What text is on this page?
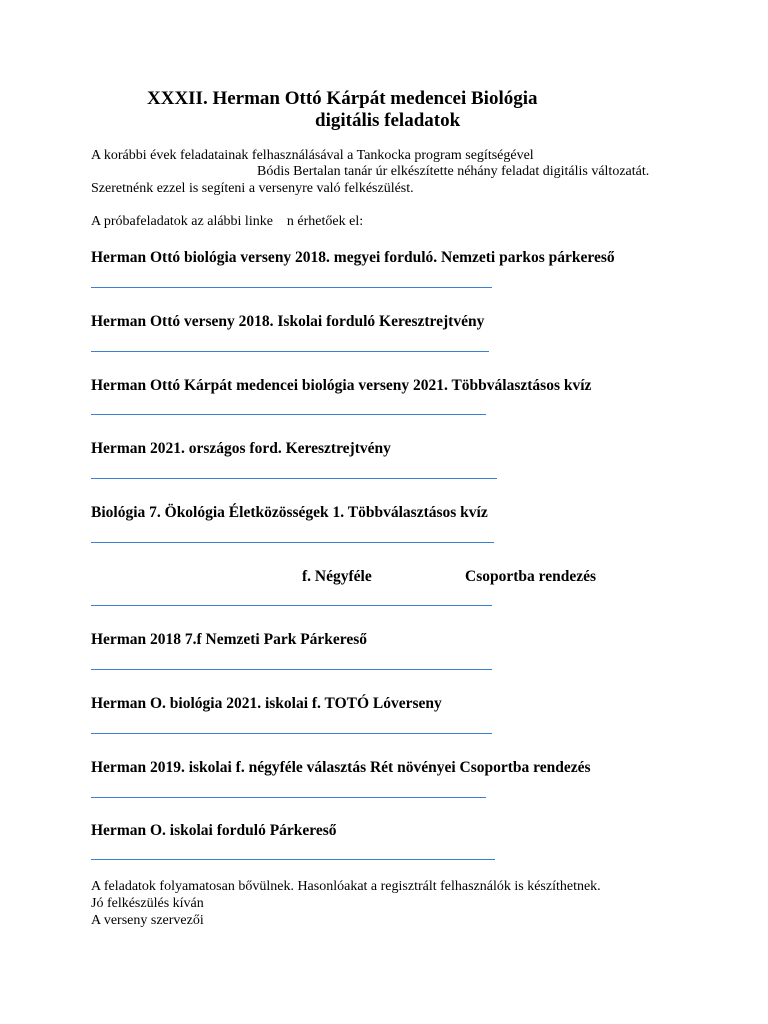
XXXII. Herman Ottó Kárpát medencei Biológia
digitális feladatok
A korábbi évek feladatainak felhasználásával a Tankocka program segítségével
Bódis Bertalan tanár úr elkészítette néhány feladat digitális változatát.
Szeretnénk ezzel is segíteni a versenyre való felkészülést.
A próbafeladatok az alábbi linke    n érhetőek el:
Herman Ottó biológia verseny 2018. megyei forduló. Nemzeti parkos párkereső
Herman Ottó verseny 2018. Iskolai forduló Keresztrejtvény
Herman Ottó Kárpát medencei biológia verseny 2021. Többválasztásos kvíz
Herman 2021. országos ford. Keresztrejtvény
Biológia 7. Ökológia Életközösségek 1. Többválasztásos kvíz
f. Négyféle	Csoportba rendezés
Herman 2018 7.f Nemzeti Park Párkereső
Herman O. biológia 2021. iskolai f. TOTÓ Lóverseny
Herman 2019. iskolai f. négyféle választás Rét növényei Csoportba rendezés
Herman O. iskolai forduló Párkereső
A feladatok folyamatosan bővülnek. Hasonlóakat a regisztrált felhasználók is készíthetnek.
Jó felkészülés kíván
A verseny szervezői
